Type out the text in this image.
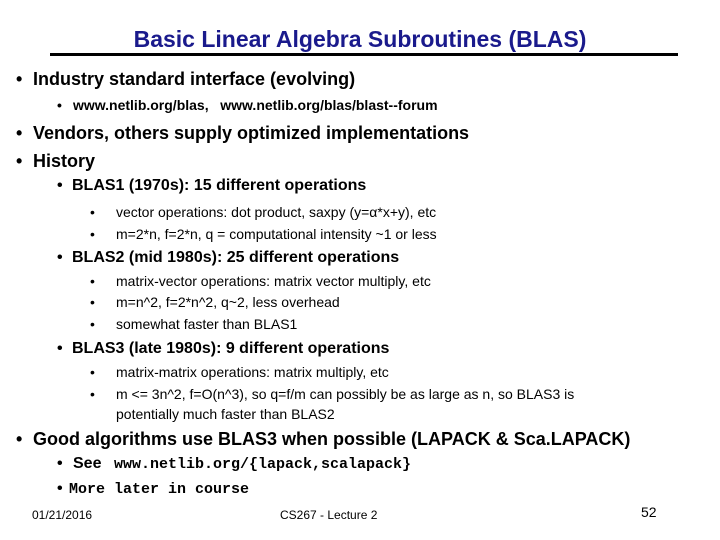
Basic Linear Algebra Subroutines (BLAS)
• Industry standard interface (evolving)
• www.netlib.org/blas,   www.netlib.org/blas/blast--forum
• Vendors, others supply optimized implementations
• History
• BLAS1 (1970s): 15 different operations
• vector operations: dot product, saxpy (y=α*x+y), etc
• m=2*n, f=2*n, q = computational intensity ~1 or less
• BLAS2 (mid 1980s): 25 different operations
• matrix-vector operations: matrix vector multiply, etc
• m=n^2, f=2*n^2, q~2, less overhead
• somewhat faster than BLAS1
• BLAS3 (late 1980s): 9 different operations
• matrix-matrix operations: matrix multiply, etc
• m <= 3n^2, f=O(n^3), so q=f/m can possibly be as large as n, so BLAS3 is
potentially much faster than BLAS2
• Good algorithms use BLAS3 when possible (LAPACK & Sca.LAPACK)
• See www.netlib.org/{lapack,scalapack}
• More later in course
01/21/2016	CS267 - Lecture 2	52
